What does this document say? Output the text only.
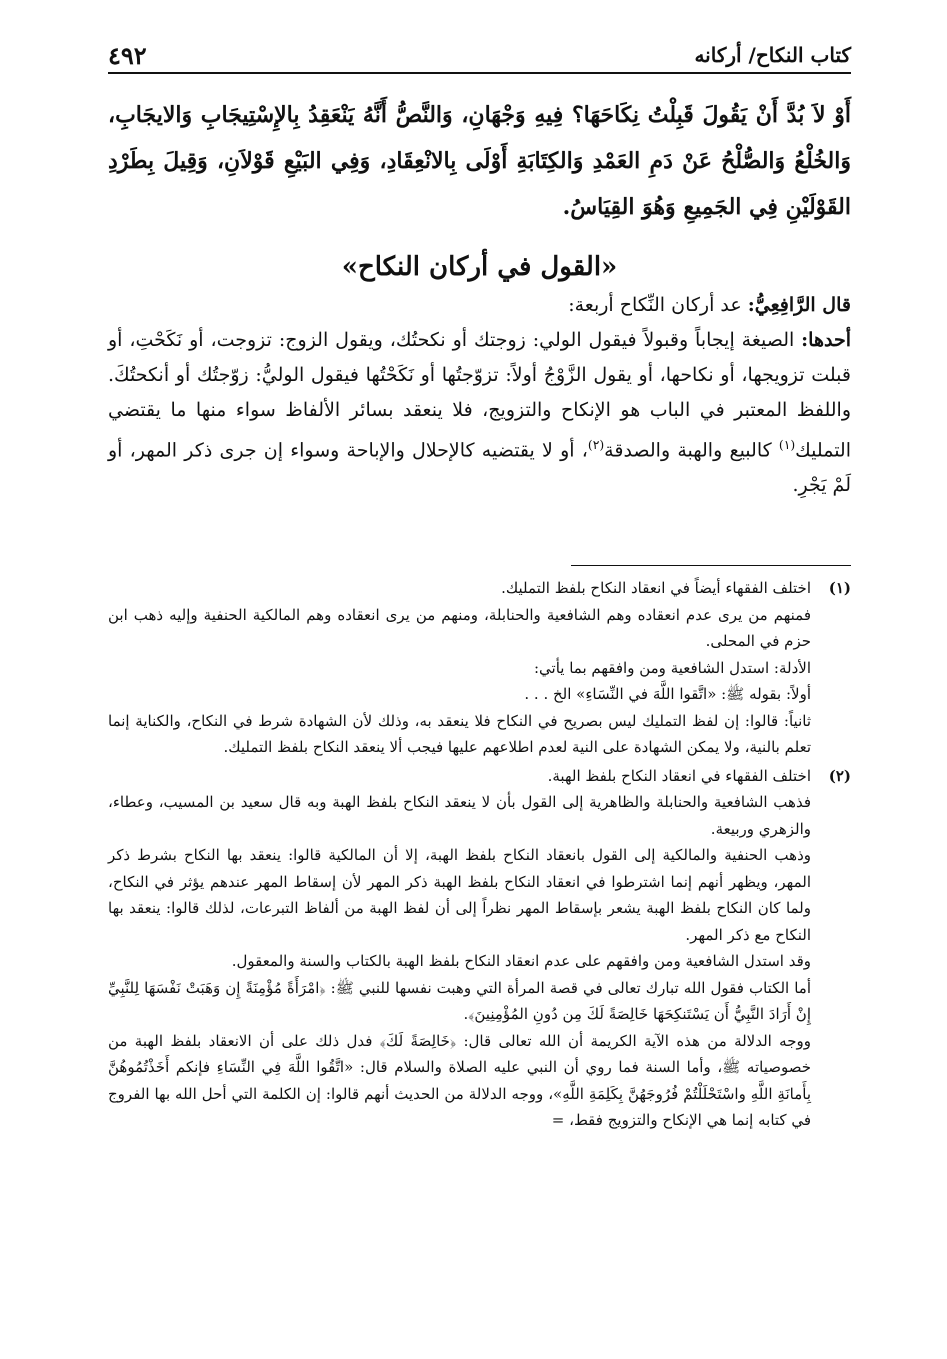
٤٩٢	كتاب النكاح/ أركانه

أَوْ لاَ بُدَّ أَنْ يَقُولَ قَبِلْتُ نِكَاحَهَا؟ فِيهِ وَجْهَانِ، وَالنَّصُّ أَنَّهُ يَنْعَقِدُ بِالإِسْتِيجَابِ وَالايجَابِ، وَالخُلْعُ وَالصُّلْحُ عَنْ دَمِ العَمْدِ وَالكِتَابَةِ أَوْلَى بِالانْعِقَادِ، وَفِي البَيْعِ قَوْلاَنِ، وَقِيلَ بِطَرْدِ القَوْلَيْنِ فِي الجَمِيعِ وَهُوَ القِيَاسُ.

«القول في أركان النكاح»

قال الرَّافِعِيُّ: عد أركان النِّكاح أربعة:

أحدها: الصيغة إيجاباً وقبولاً فيقول الولي: زوجتك أو نكحتُك، ويقول الزوج: تزوجت، أو نَكَحْتِ، أو قبلت تزويجها، أو نكاحها، أو يقول الزَّوْجُ أولاً: تزوّجتُها أو نَكَحْتُها فيقول الوليُّ: زوّجتُك أو أنكحتُكَ. واللفظ المعتبر في الباب هو الإنكاح والتزويج، فلا ينعقد بسائر الألفاظ سواء منها ما يقتضي التمليك$^{(١)}$ كالبيع والهبة والصدقة$^{(٢)}$، أو لا يقتضيه كالإحلال والإباحة وسواء إن جرى ذكر المهر، أو لَمْ يَجْرِ.

(١)

اختلف الفقهاء أيضاً في انعقاد النكاح بلفظ التمليك.

فمنهم من يرى عدم انعقاده وهم الشافعية والحنابلة، ومنهم من يرى انعقاده وهم المالكية الحنفية وإليه ذهب ابن حزم في المحلى.

الأدلة: استدل الشافعية ومن وافقهم بما يأتي:

أولاً: بقوله ﷺ: «اتَّقوا اللَّهَ في النِّسَاءِ» الخ . . .

ثانياً: قالوا: إن لفظ التمليك ليس بصريح في النكاح فلا ينعقد به، وذلك لأن الشهادة شرط في النكاح، والكناية إنما تعلم بالنية، ولا يمكن الشهادة على النية لعدم اطلاعهم عليها فيجب ألا ينعقد النكاح بلفظ التمليك.

(٢)

اختلف الفقهاء في انعقاد النكاح بلفظ الهبة.

فذهب الشافعية والحنابلة والظاهرية إلى القول بأن لا ينعقد النكاح بلفظ الهبة وبه قال سعيد بن المسيب، وعطاء، والزهري وربيعة.

وذهب الحنفية والمالكية إلى القول بانعقاد النكاح بلفظ الهبة، إلا أن المالكية قالوا: ينعقد بها النكاح بشرط ذكر المهر، ويظهر أنهم إنما اشترطوا في انعقاد النكاح بلفظ الهبة ذكر المهر لأن إسقاط المهر عندهم يؤثر في النكاح، ولما كان النكاح بلفظ الهبة يشعر بإسقاط المهر نظراً إلى أن لفظ الهبة من ألفاظ التبرعات، لذلك قالوا: ينعقد بها النكاح مع ذكر المهر.

وقد استدل الشافعية ومن وافقهم على عدم انعقاد النكاح بلفظ الهبة بالكتاب والسنة والمعقول.

أما الكتاب فقول الله تبارك تعالى في قصة المرأة التي وهبت نفسها للنبي ﷺ: ﴿امْرَأَةً مُؤْمِنَةً إِن وَهَبَتْ نَفْسَهَا لِلنَّبِيِّ إِنْ أَرَادَ النَّبِيُّ أَن يَسْتَنكِحَهَا خَالِصَةً لَكَ مِن دُونِ المُؤْمِنِينَ﴾.

ووجه الدلالة من هذه الآية الكريمة أن الله تعالى قال: ﴿خَالِصَةً لَكَ﴾ فدل ذلك على أن الانعقاد بلفظ الهبة من خصوصياته ﷺ، وأما السنة فما روي أن النبي عليه الصلاة والسلام قال: «اتَّقُوا اللَّهَ فِي النِّسَاءِ فإنكم أَخَذْتُمُوهُنَّ بِأَمانَةِ اللَّهِ واسْتَحْلَلْتُمْ فُرُوجَهُنَّ بِكَلِمَةِ اللَّهِ»، ووجه الدلالة من الحديث أنهم قالوا: إن الكلمة التي أحل الله بها الفروج في كتابه إنما هي الإنكاح والتزويج فقط، =
